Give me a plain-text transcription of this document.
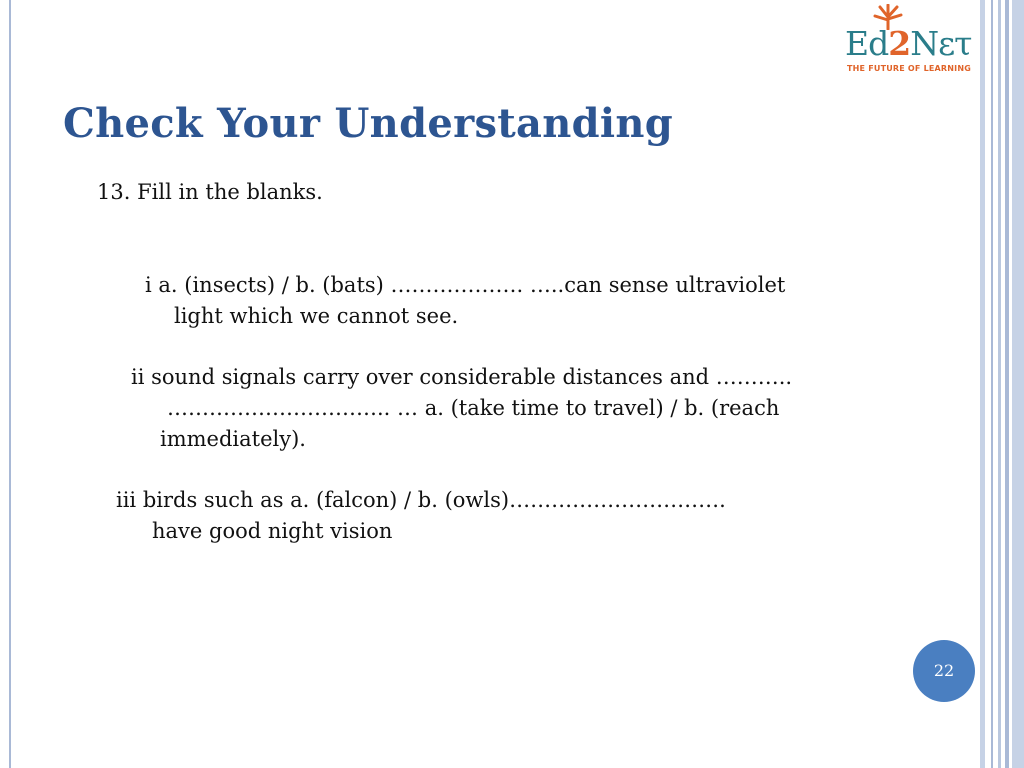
Ed2Nετ
THE FUTURE OF LEARNING
Check Your Understanding
13. Fill in the blanks.
i a. (insects) / b. (bats) ………………. …..can sense ultraviolet
light which we cannot see.
ii sound signals carry over considerable distances and ………..
………………………….. … a. (take time to travel) / b. (reach
immediately).
iii birds such as a. (falcon) / b. (owls)………………………….
have good night vision
22
